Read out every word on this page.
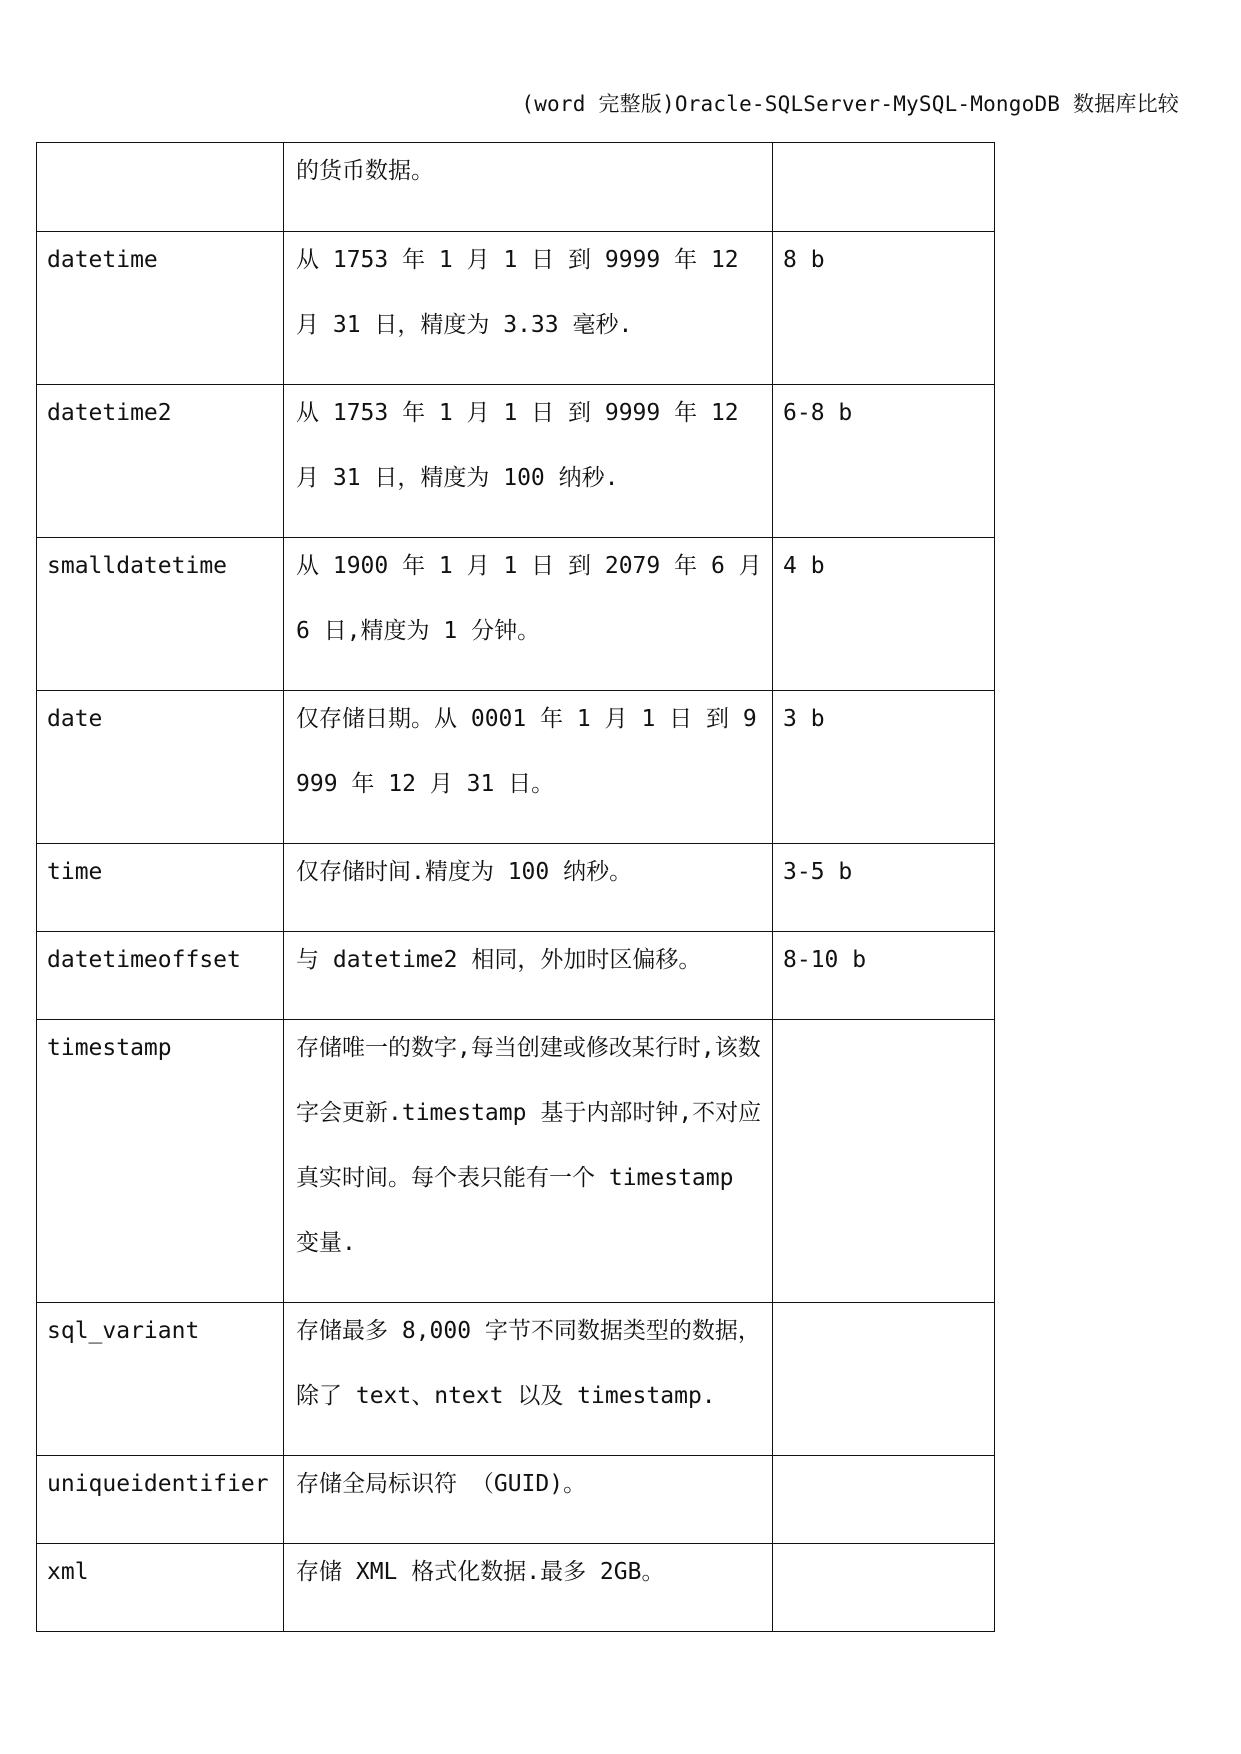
(word 完整版)Oracle-SQLServer-MySQL-MongoDB 数据库比较

	的货币数据。	

datetime	从 1753 年 1 月 1 日 到 9999 年 12 月 31 日，精度为 3.33 毫秒.	8 b

datetime2	从 1753 年 1 月 1 日 到 9999 年 12 月 31 日，精度为 100 纳秒.	6-8 b

smalldatetime	从 1900 年 1 月 1 日 到 2079 年 6 月 6 日,精度为 1 分钟。	4 b

date	仅存储日期。从 0001 年 1 月 1 日 到 9999 年 12 月 31 日。	3 b

time	仅存储时间.精度为 100 纳秒。	3-5 b

datetimeoffset	与 datetime2 相同，外加时区偏移。	8-10 b

timestamp	存储唯一的数字,每当创建或修改某行时,该数字会更新.timestamp 基于内部时钟,不对应真实时间。每个表只能有一个 timestamp 变量.	

sql_variant	存储最多 8,000 字节不同数据类型的数据，除了 text、ntext 以及 timestamp.	

uniqueidentifier	存储全局标识符 （GUID)。	

xml	存储 XML 格式化数据.最多 2GB。	
